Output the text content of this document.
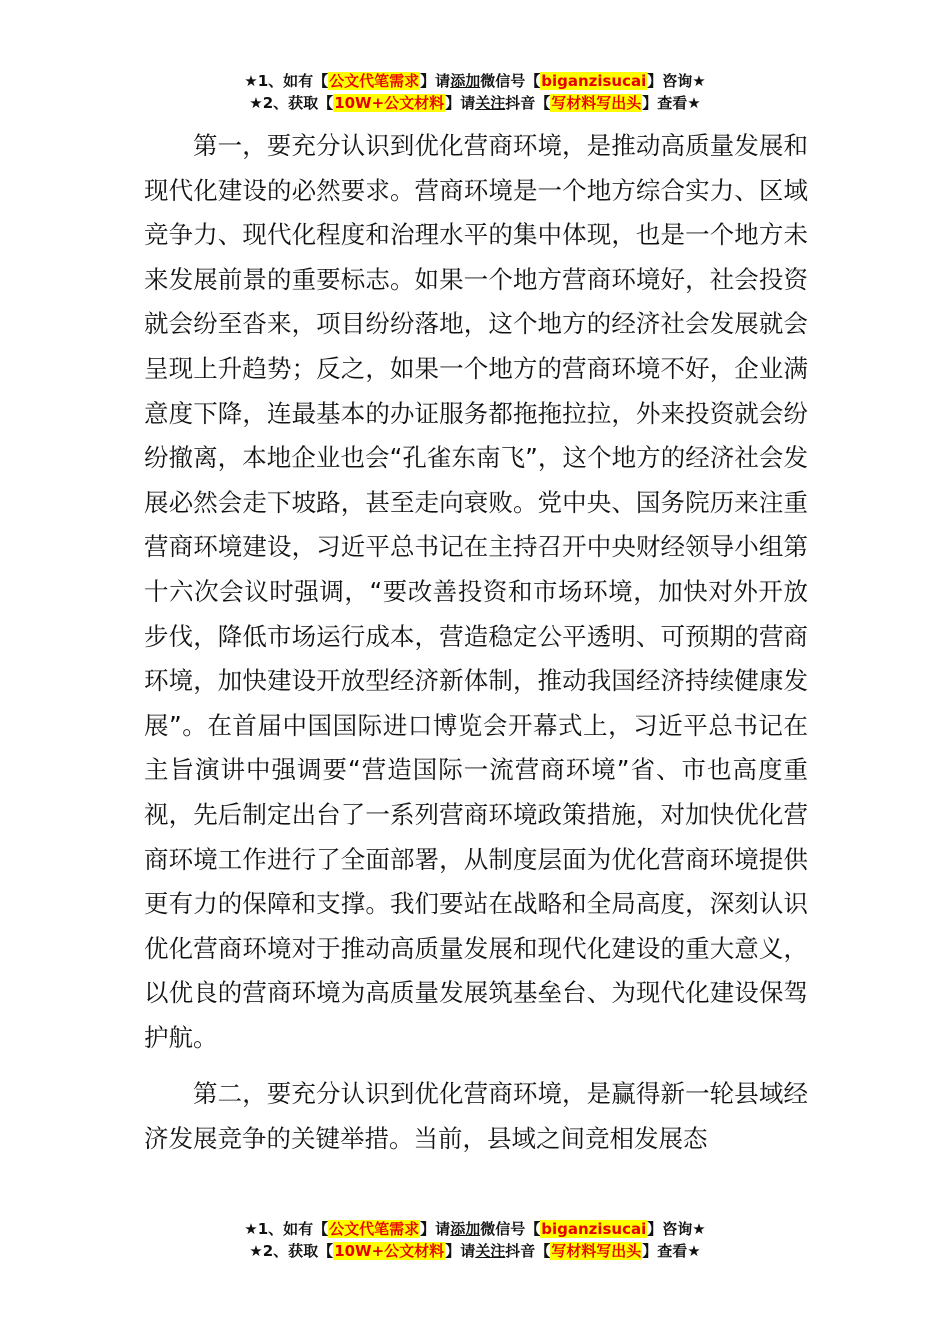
★1、如有【公文代笔需求】请添加微信号【biganzisucai】咨询★
★2、获取【10W+公文材料】请关注抖音【写材料写出头】查看★

第一，要充分认识到优化营商环境，是推动高质量发展和现代化建设的必然要求。营商环境是一个地方综合实力、区域竞争力、现代化程度和治理水平的集中体现，也是一个地方未来发展前景的重要标志。如果一个地方营商环境好，社会投资就会纷至沓来，项目纷纷落地，这个地方的经济社会发展就会呈现上升趋势；反之，如果一个地方的营商环境不好，企业满意度下降，连最基本的办证服务都拖拖拉拉，外来投资就会纷纷撤离，本地企业也会“孔雀东南飞”，这个地方的经济社会发展必然会走下坡路，甚至走向衰败。党中央、国务院历来注重营商环境建设，习近平总书记在主持召开中央财经领导小组第十六次会议时强调，“要改善投资和市场环境，加快对外开放步伐，降低市场运行成本，营造稳定公平透明、可预期的营商环境，加快建设开放型经济新体制，推动我国经济持续健康发展”。在首届中国国际进口博览会开幕式上，习近平总书记在主旨演讲中强调要“营造国际一流营商环境”省、市也高度重视，先后制定出台了一系列营商环境政策措施，对加快优化营商环境工作进行了全面部署，从制度层面为优化营商环境提供更有力的保障和支撑。我们要站在战略和全局高度，深刻认识优化营商环境对于推动高质量发展和现代化建设的重大意义，以优良的营商环境为高质量发展筑基垒台、为现代化建设保驾护航。

第二，要充分认识到优化营商环境，是赢得新一轮县域经济发展竞争的关键举措。当前，县域之间竞相发展态

★1、如有【公文代笔需求】请添加微信号【biganzisucai】咨询★
★2、获取【10W+公文材料】请关注抖音【写材料写出头】查看★
